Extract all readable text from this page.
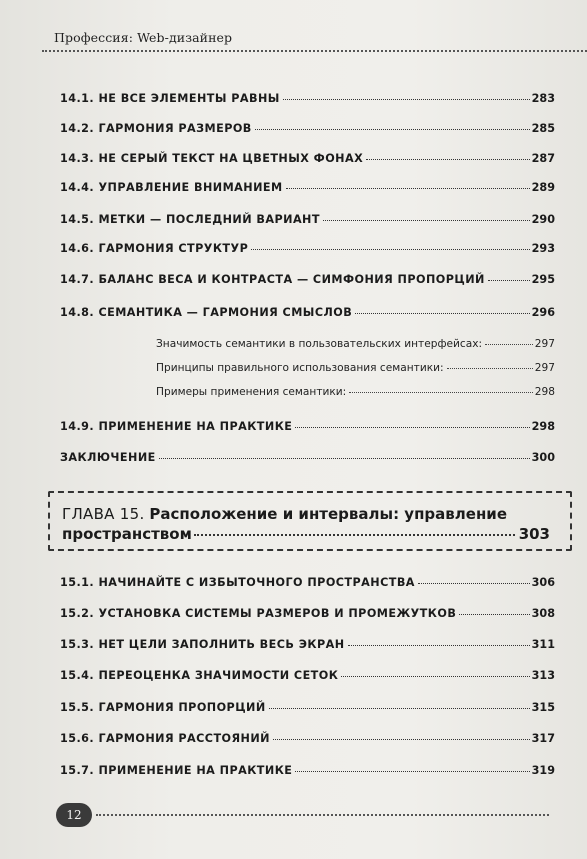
Профессия: Web-дизайнер
14.1. НЕ ВСЕ ЭЛЕМЕНТЫ РАВНЫ	283
14.2. ГАРМОНИЯ РАЗМЕРОВ	285
14.3. НЕ СЕРЫЙ ТЕКСТ НА ЦВЕТНЫХ ФОНАХ	287
14.4. УПРАВЛЕНИЕ ВНИМАНИЕМ	289
14.5. МЕТКИ — ПОСЛЕДНИЙ ВАРИАНТ	290
14.6. ГАРМОНИЯ СТРУКТУР	293
14.7. БАЛАНС ВЕСА И КОНТРАСТА — СИМФОНИЯ ПРОПОРЦИЙ	295
14.8. СЕМАНТИКА — ГАРМОНИЯ СМЫСЛОВ	296
Значимость семантики в пользовательских интерфейсах:	297
Принципы правильного использования семантики:	297
Примеры применения семантики:	298
14.9. ПРИМЕНЕНИЕ НА ПРАКТИКЕ	298
ЗАКЛЮЧЕНИЕ	300
ГЛАВА 15. Расположение и интервалы: управление
пространством	303
15.1. НАЧИНАЙТЕ С ИЗБЫТОЧНОГО ПРОСТРАНСТВА	306
15.2. УСТАНОВКА СИСТЕМЫ РАЗМЕРОВ И ПРОМЕЖУТКОВ	308
15.3. НЕТ ЦЕЛИ ЗАПОЛНИТЬ ВЕСЬ ЭКРАН	311
15.4. ПЕРЕОЦЕНКА ЗНАЧИМОСТИ СЕТОК	313
15.5. ГАРМОНИЯ ПРОПОРЦИЙ	315
15.6. ГАРМОНИЯ РАССТОЯНИЙ	317
15.7. ПРИМЕНЕНИЕ НА ПРАКТИКЕ	319
12
